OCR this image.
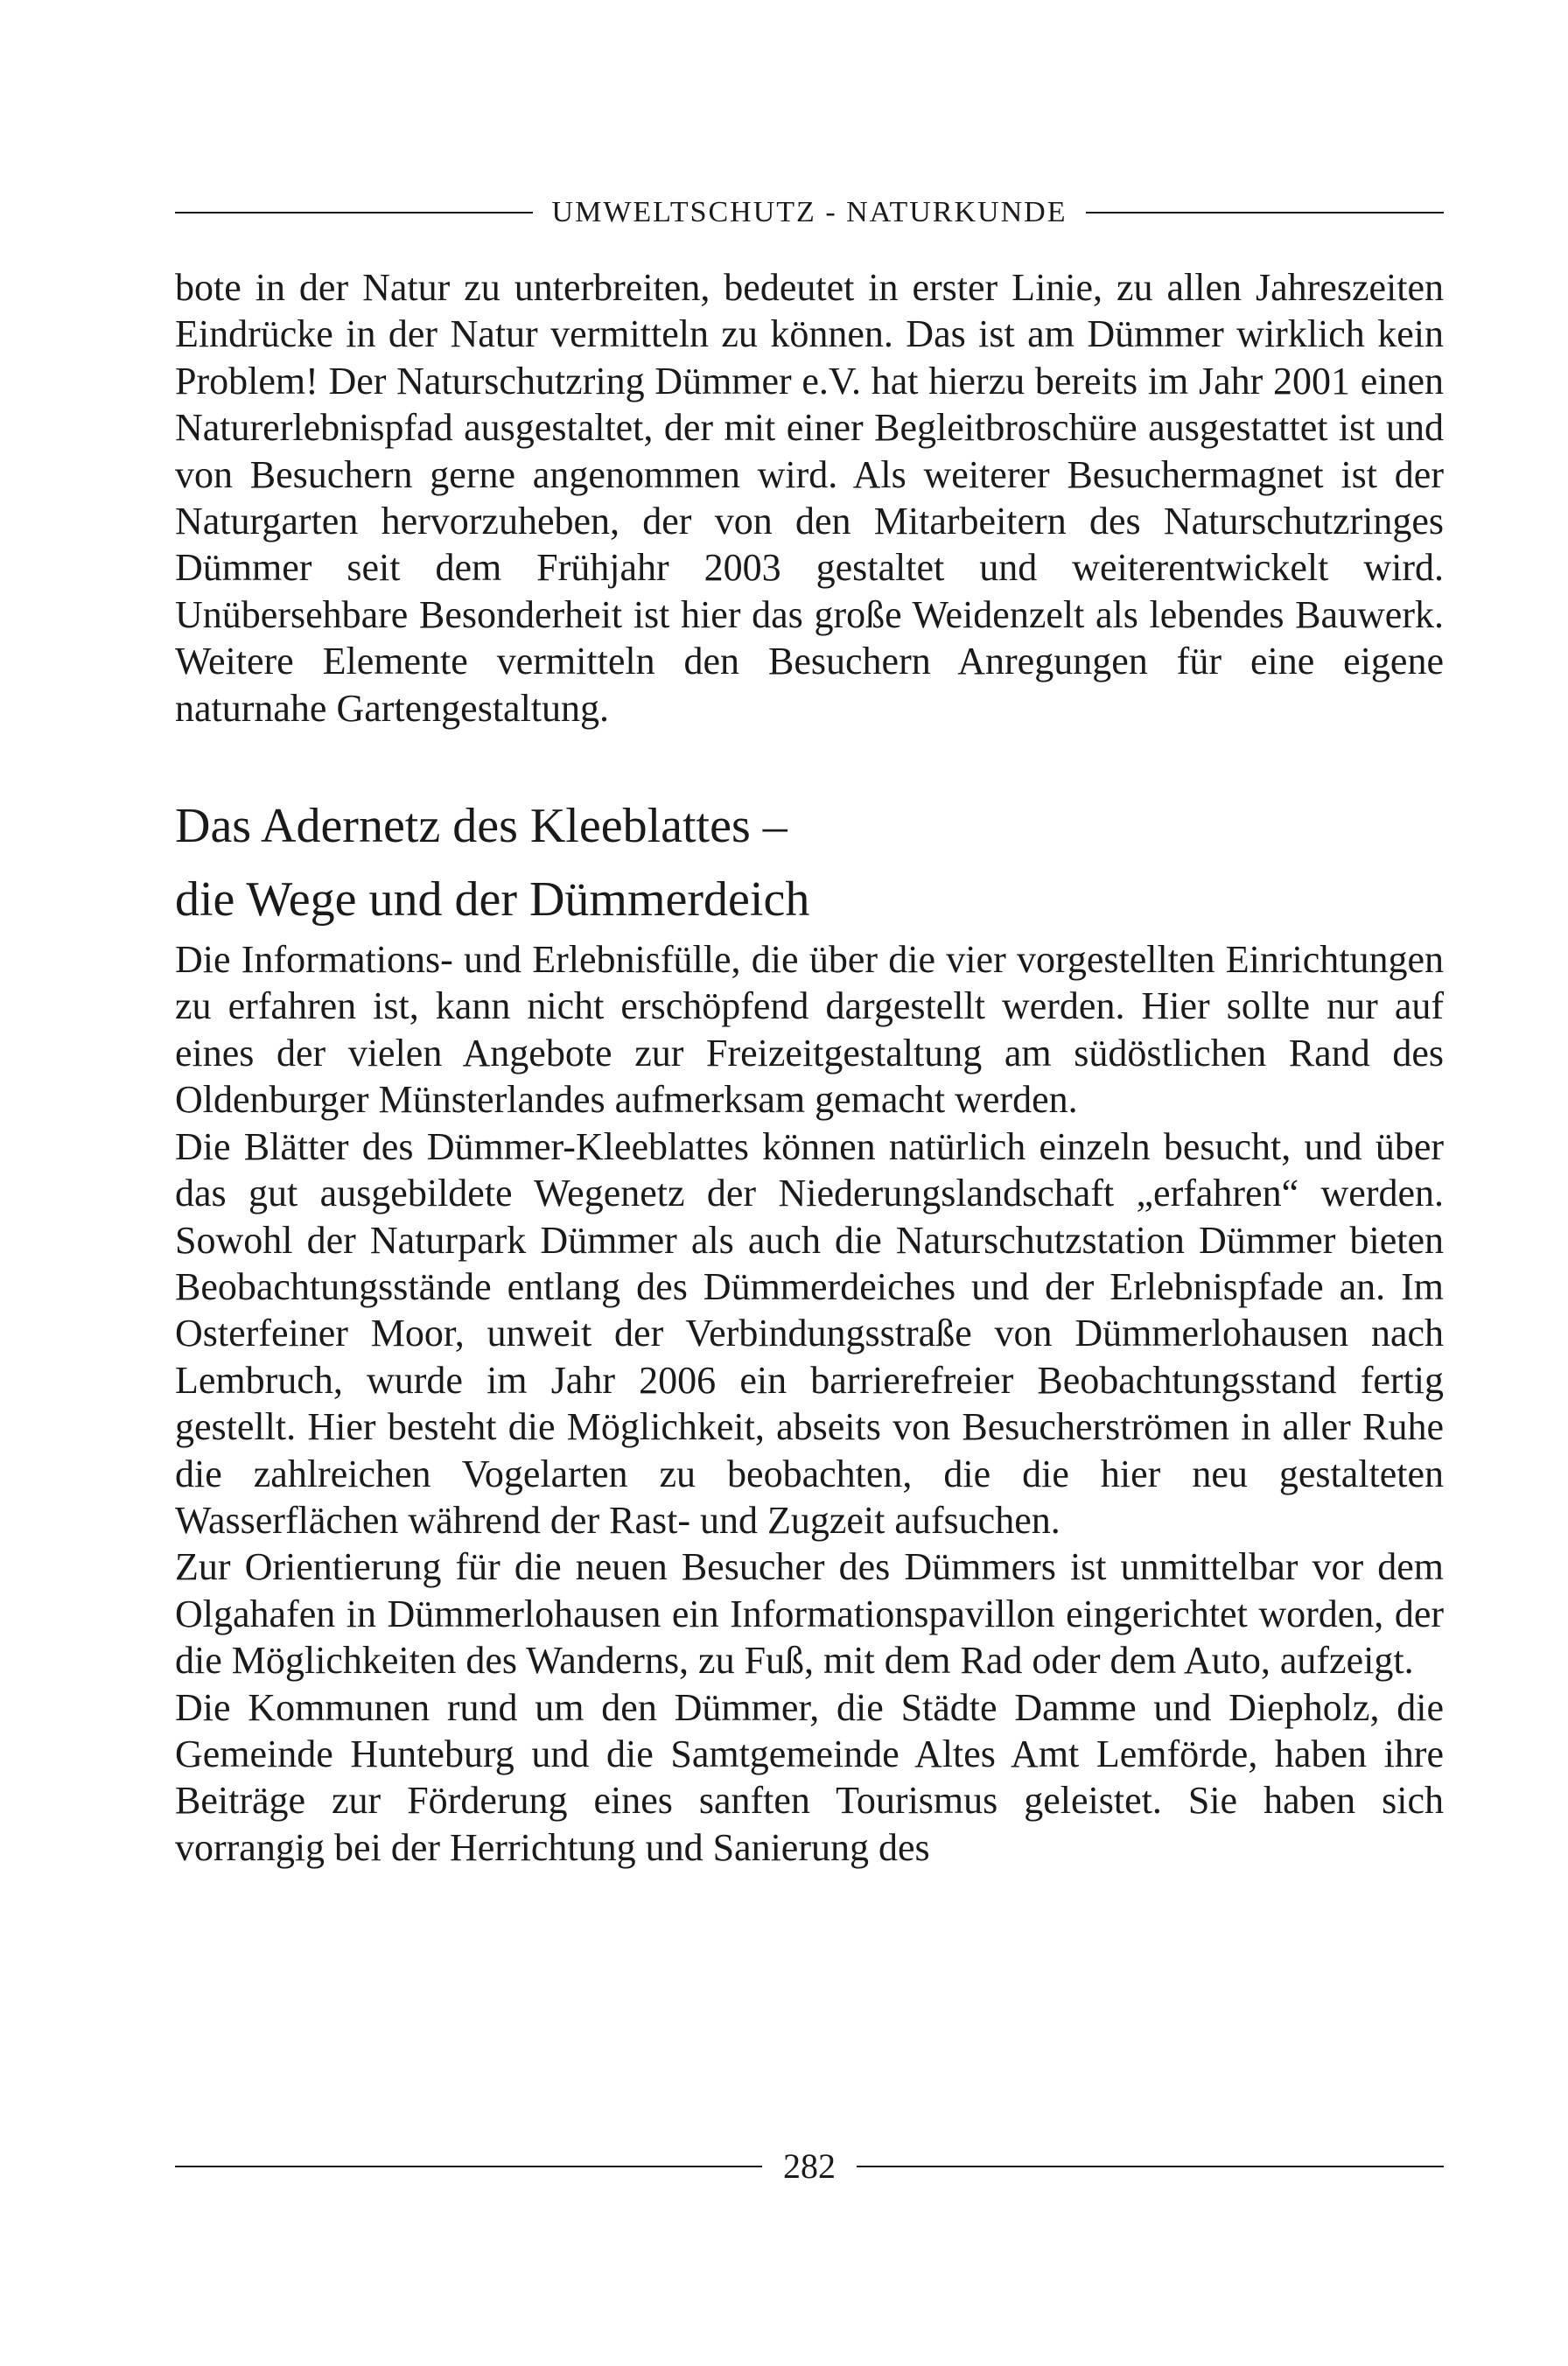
UMWELTSCHUTZ - NATURKUNDE

bote in der Natur zu unterbreiten, bedeutet in erster Linie, zu allen Jahreszeiten Eindrücke in der Natur vermitteln zu können. Das ist am Dümmer wirklich kein Problem! Der Naturschutzring Dümmer e.V. hat hierzu bereits im Jahr 2001 einen Naturerlebnispfad ausgestaltet, der mit einer Begleitbroschüre ausgestattet ist und von Besuchern gerne angenommen wird. Als weiterer Besuchermagnet ist der Naturgarten hervorzuheben, der von den Mitarbeitern des Naturschutzringes Dümmer seit dem Frühjahr 2003 gestaltet und weiterentwickelt wird. Unübersehbare Besonderheit ist hier das große Weidenzelt als lebendes Bauwerk. Weitere Elemente vermitteln den Besuchern Anregungen für eine eigene naturnahe Gartengestaltung.

Das Adernetz des Kleeblattes –
die Wege und der Dümmerdeich

Die Informations- und Erlebnisfülle, die über die vier vorgestellten Einrichtungen zu erfahren ist, kann nicht erschöpfend dargestellt werden. Hier sollte nur auf eines der vielen Angebote zur Freizeitgestaltung am südöstlichen Rand des Oldenburger Münsterlandes aufmerksam gemacht werden.

Die Blätter des Dümmer-Kleeblattes können natürlich einzeln besucht, und über das gut ausgebildete Wegenetz der Niederungslandschaft „erfahren“ werden. Sowohl der Naturpark Dümmer als auch die Naturschutzstation Dümmer bieten Beobachtungsstände entlang des Dümmerdeiches und der Erlebnispfade an. Im Osterfeiner Moor, unweit der Verbindungsstraße von Dümmerlohausen nach Lembruch, wurde im Jahr 2006 ein barrierefreier Beobachtungsstand fertig gestellt. Hier besteht die Möglichkeit, abseits von Besucherströmen in aller Ruhe die zahlreichen Vogelarten zu beobachten, die die hier neu gestalteten Wasserflächen während der Rast- und Zugzeit aufsuchen.

Zur Orientierung für die neuen Besucher des Dümmers ist unmittelbar vor dem Olgahafen in Dümmerlohausen ein Informationspavillon eingerichtet worden, der die Möglichkeiten des Wanderns, zu Fuß, mit dem Rad oder dem Auto, aufzeigt.

Die Kommunen rund um den Dümmer, die Städte Damme und Diepholz, die Gemeinde Hunteburg und die Samtgemeinde Altes Amt Lemförde, haben ihre Beiträge zur Förderung eines sanften Tourismus geleistet. Sie haben sich vorrangig bei der Herrichtung und Sanierung des

282
